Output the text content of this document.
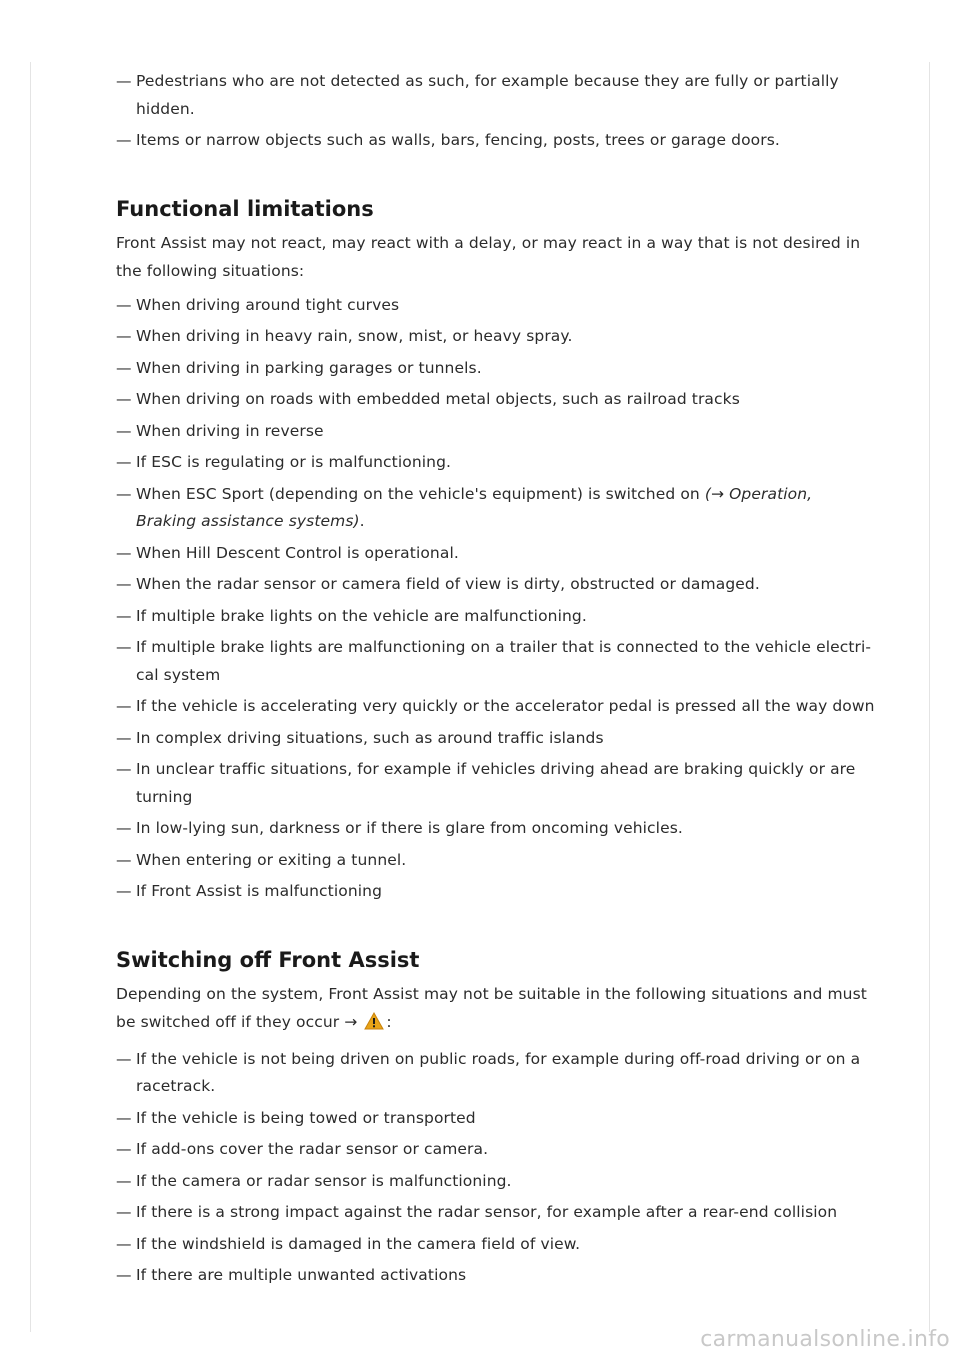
— Pedestrians who are not detected as such, for example because they are fully or partially hidden.
— Items or narrow objects such as walls, bars, fencing, posts, trees or garage doors.
Functional limitations

Front Assist may not react, may react with a delay, or may react in a way that is not desired in the following situations:

— When driving around tight curves
— When driving in heavy rain, snow, mist, or heavy spray.
— When driving in parking garages or tunnels.
— When driving on roads with embedded metal objects, such as railroad tracks
— When driving in reverse
— If ESC is regulating or is malfunctioning.
— When ESC Sport (depending on the vehicle's equipment) is switched on (→ Operation, Braking assistance systems).
— When Hill Descent Control is operational.
— When the radar sensor or camera field of view is dirty, obstructed or damaged.
— If multiple brake lights on the vehicle are malfunctioning.
— If multiple brake lights are malfunctioning on a trailer that is connected to the vehicle electri- cal system
— If the vehicle is accelerating very quickly or the accelerator pedal is pressed all the way down
— In complex driving situations, such as around traffic islands
— In unclear traffic situations, for example if vehicles driving ahead are braking quickly or are turning
— In low-lying sun, darkness or if there is glare from oncoming vehicles.
— When entering or exiting a tunnel.
— If Front Assist is malfunctioning
Switching off Front Assist

Depending on the system, Front Assist may not be suitable in the following situations and must be switched off if they occur → :

— If the vehicle is not being driven on public roads, for example during off-road driving or on a racetrack.
— If the vehicle is being towed or transported
— If add-ons cover the radar sensor or camera.
— If the camera or radar sensor is malfunctioning.
— If there is a strong impact against the radar sensor, for example after a rear-end collision
— If the windshield is damaged in the camera field of view.
— If there are multiple unwanted activations
carmanualsonline.info
